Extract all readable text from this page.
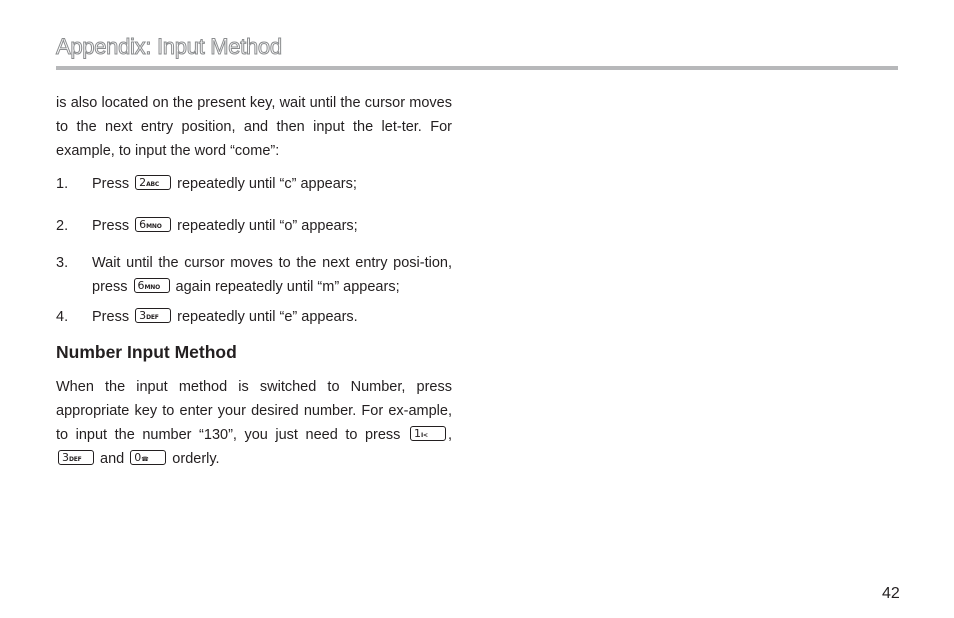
Appendix: Input Method

is also located on the present key, wait until the cursor moves to the next entry position, and then input the let-ter. For example, to input the word “come”:

1. Press 2ABC repeatedly until “c” appears;
2. Press 6MNO repeatedly until “o” appears;
3. Wait until the cursor moves to the next entry posi-tion, press 6MNO again repeatedly until “m” appears;
4. Press 3DEF repeatedly until “e” appears.
Number Input Method

When the input method is switched to Number, press appropriate key to enter your desired number. For ex-ample, to input the number “130”, you just need to press 1I< , 3DEF and 0☎ orderly.

42
